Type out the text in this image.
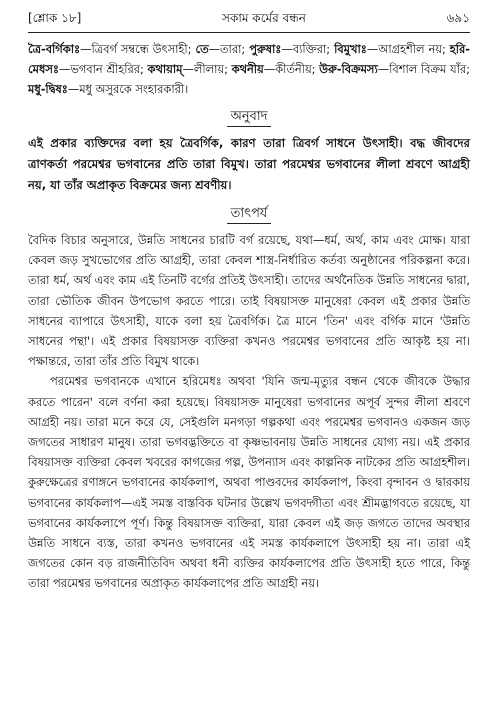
[শ্লোক ১৮]	সকাম কর্মের বন্ধন	৬৯১

ত্রৈ-বর্গিকাঃ—ত্রিবর্গ সম্বন্ধে উৎসাহী; তে—তারা; পুরুষাঃ—ব্যক্তিরা; বিমুখাঃ—আগ্রহশীল নয়; হরি-মেধসঃ—ভগবান শ্রীহরির; কথায়াম্—লীলায়; কথনীয়—কীর্তনীয়; উরু-বিক্রমস্য—বিশাল বিক্রম যাঁর; মধু-দ্বিষঃ—মধু অসুরকে সংহারকারী।

অনুবাদ

এই প্রকার ব্যক্তিদের বলা হয় ত্রৈবর্গিক, কারণ তারা ত্রিবর্গ সাধনে উৎসাহী। বদ্ধ জীবদের ত্রাণকর্তা পরমেশ্বর ভগবানের প্রতি তারা বিমুখ। তারা পরমেশ্বর ভগবানের লীলা শ্রবণে আগ্রহী নয়, যা তাঁর অপ্রাকৃত বিক্রমের জন্য শ্রবণীয়।

তাৎপর্য

বৈদিক বিচার অনুসারে, উন্নতি সাধনের চারটি বর্গ রয়েছে, যথা—ধর্ম, অর্থ, কাম এবং মোক্ষ। যারা কেবল জড় সুখভোগের প্রতি আগ্রহী, তারা কেবল শাস্ত্র-নির্ধারিত কর্তব্য অনুষ্ঠানের পরিকল্পনা করে। তারা ধর্ম, অর্থ এবং কাম এই তিনটি বর্গের প্রতিই উৎসাহী। তাদের অর্থনৈতিক উন্নতি সাধনের দ্বারা, তারা ভৌতিক জীবন উপভোগ করতে পারে। তাই বিষয়াসক্ত মানুষেরা কেবল এই প্রকার উন্নতি সাধনের ব্যাপারে উৎসাহী, যাকে বলা হয় ত্রৈবর্গিক। ত্রৈ মানে 'তিন' এবং বর্গিক মানে 'উন্নতি সাধনের পন্থা'। এই প্রকার বিষয়াসক্ত ব্যক্তিরা কখনও পরমেশ্বর ভগবানের প্রতি আকৃষ্ট হয় না। পক্ষান্তরে, তারা তাঁর প্রতি বিমুখ থাকে।

পরমেশ্বর ভগবানকে এখানে হরিমেধঃ অথবা 'যিনি জন্ম-মৃত্যুর বন্ধন থেকে জীবকে উদ্ধার করতে পারেন' বলে বর্ণনা করা হয়েছে। বিষয়াসক্ত মানুষেরা ভগবানের অপূর্ব সুন্দর লীলা শ্রবণে আগ্রহী নয়। তারা মনে করে যে, সেইগুলি মনগড়া গল্পকথা এবং পরমেশ্বর ভগবানও একজন জড় জগতের সাধারণ মানুষ। তারা ভগবদ্ভক্তিতে বা কৃষ্ণভাবনায় উন্নতি সাধনের যোগ্য নয়। এই প্রকার বিষয়াসক্ত ব্যক্তিরা কেবল খবরের কাগজের গল্প, উপন্যাস এবং কাল্পনিক নাটকের প্রতি আগ্রহশীল। কুরুক্ষেত্রের রণাঙ্গনে ভগবানের কার্যকলাপ, অথবা পাণ্ডবদের কার্যকলাপ, কিংবা বৃন্দাবন ও দ্বারকায় ভগবানের কার্যকলাপ—এই সমস্ত বাস্তবিক ঘটনার উল্লেখ ভগবদ্গীতা এবং শ্রীমদ্ভাগবতে রয়েছে, যা ভগবানের কার্যকলাপে পূর্ণ। কিন্তু বিষয়াসক্ত ব্যক্তিরা, যারা কেবল এই জড় জগতে তাদের অবস্থার উন্নতি সাধনে ব্যস্ত, তারা কখনও ভগবানের এই সমস্ত কার্যকলাপে উৎসাহী হয় না। তারা এই জগতের কোন বড় রাজনীতিবিদ অথবা ধনী ব্যক্তির কার্যকলাপের প্রতি উৎসাহী হতে পারে, কিন্তু তারা পরমেশ্বর ভগবানের অপ্রাকৃত কার্যকলাপের প্রতি আগ্রহী নয়।
